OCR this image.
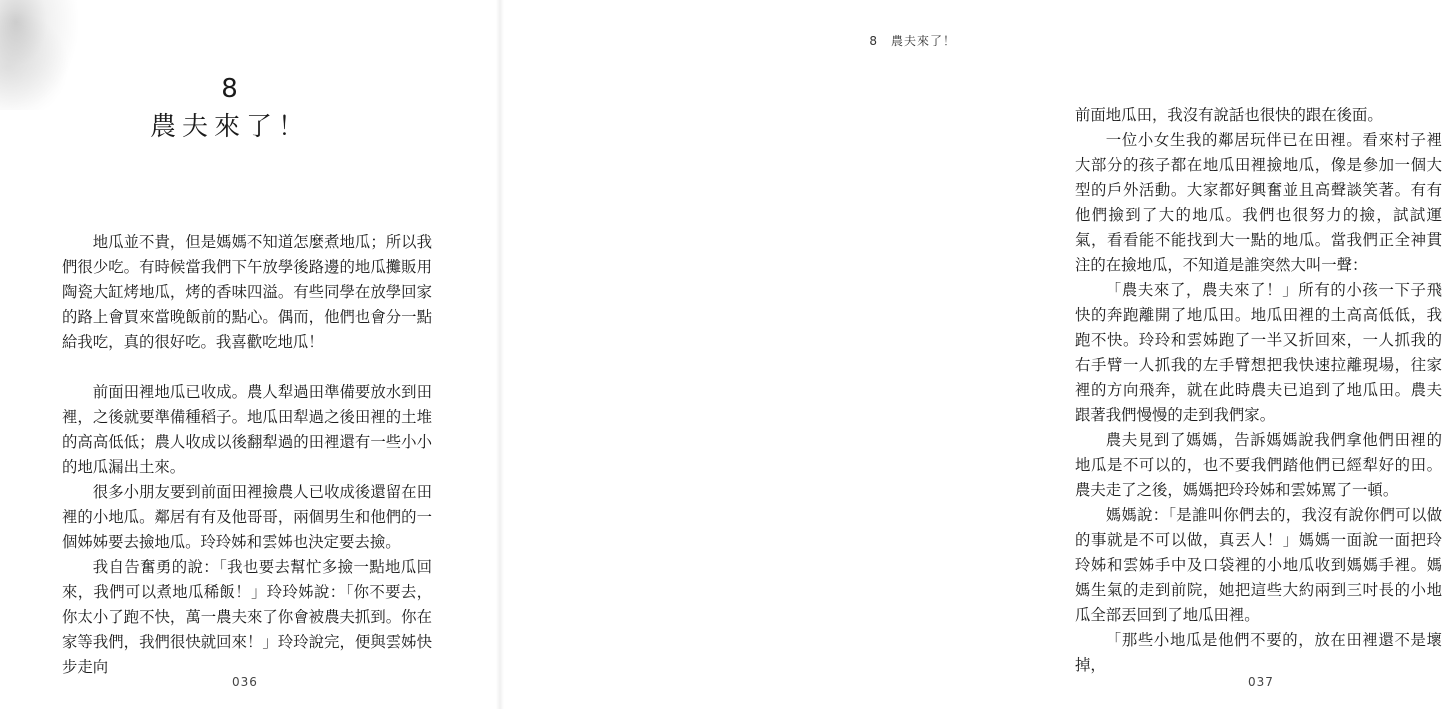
8
農夫來了！

地瓜並不貴，但是媽媽不知道怎麼煮地瓜；所以我們很少吃。有時候當我們下午放學後路邊的地瓜攤販用陶瓷大缸烤地瓜，烤的香味四溢。有些同學在放學回家的路上會買來當晚飯前的點心。偶而，他們也會分一點給我吃，真的很好吃。我喜歡吃地瓜！

前面田裡地瓜已收成。農人犁過田準備要放水到田裡，之後就要準備種稻子。地瓜田犁過之後田裡的土堆的高高低低；農人收成以後翻犁過的田裡還有一些小小的地瓜漏出土來。

很多小朋友要到前面田裡撿農人已收成後還留在田裡的小地瓜。鄰居有有及他哥哥，兩個男生和他們的一個姊姊要去撿地瓜。玲玲姊和雲姊也決定要去撿。

我自告奮勇的說：「我也要去幫忙多撿一點地瓜回來，我們可以煮地瓜稀飯！」玲玲姊說：「你不要去，你太小了跑不快，萬一農夫來了你會被農夫抓到。你在家等我們，我們很快就回來！」玲玲說完，便與雲姊快步走向

036
8　農夫來了！

前面地瓜田，我沒有說話也很快的跟在後面。

一位小女生我的鄰居玩伴已在田裡。看來村子裡大部分的孩子都在地瓜田裡撿地瓜，像是參加一個大型的戶外活動。大家都好興奮並且高聲談笑著。有有他們撿到了大的地瓜。我們也很努力的撿，試試運氣，看看能不能找到大一點的地瓜。當我們正全神貫注的在撿地瓜，不知道是誰突然大叫一聲：

「農夫來了，農夫來了！」所有的小孩一下子飛快的奔跑離開了地瓜田。地瓜田裡的土高高低低，我跑不快。玲玲和雲姊跑了一半又折回來，一人抓我的右手臂一人抓我的左手臂想把我快速拉離現場，往家裡的方向飛奔，就在此時農夫已追到了地瓜田。農夫跟著我們慢慢的走到我們家。

農夫見到了媽媽，告訴媽媽說我們拿他們田裡的地瓜是不可以的，也不要我們踏他們已經犁好的田。農夫走了之後，媽媽把玲玲姊和雲姊罵了一頓。

媽媽說：「是誰叫你們去的，我沒有說你們可以做的事就是不可以做，真丟人！」媽媽一面說一面把玲玲姊和雲姊手中及口袋裡的小地瓜收到媽媽手裡。媽媽生氣的走到前院，她把這些大約兩到三吋長的小地瓜全部丟回到了地瓜田裡。

「那些小地瓜是他們不要的，放在田裡還不是壞掉，

037
